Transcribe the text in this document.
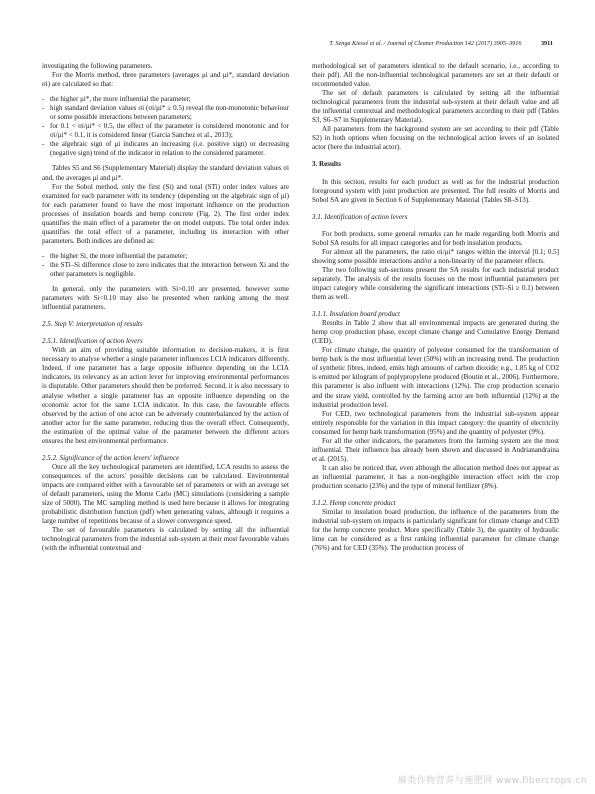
T. Senga Kiessé et al. / Journal of Cleaner Production 142 (2017) 3905–3916	3911

investigating the following parameters.

For the Morris method, three parameters (averages μi and μi*, standard deviation σi) are calculated so that:

- the higher μi*, the more influential the parameter;
- high standard deviation values σi (σi/μi* ≥ 0.5) reveal the non-monotonic behaviour or some possible interactions between parameters;
- for 0.1 < σi/μi* < 0.5, the effect of the parameter is considered monotonic and for σi/μi* < 0.1, it is considered linear (Garcia Sanchez et al., 2013);
- the algebraic sign of μi indicates an increasing (i.e. positive sign) or decreasing (negative sign) trend of the indicator in relation to the considered parameter.

Tables S5 and S6 (Supplementary Material) display the standard deviation values σi and, the averages μi and μi*.

For the Sobol method, only the first (Si) and total (STi) order index values are examined for each parameter with its tendency (depending on the algebraic sign of μi) for each parameter found to have the most important influence on the production processes of insulation boards and hemp concrete (Fig. 2). The first order index quantifies the main effect of a parameter the on model outputs. The total order index quantifies the total effect of a parameter, including its interaction with other parameters. Both indices are defined as:

- the higher Si, the more influential the parameter;
- the STi–Si difference close to zero indicates that the interaction between Xi and the other parameters is negligible.

In general, only the parameters with Si>0.10 are presented, however some parameters with Si<0.10 may also be presented when ranking among the most influential parameters.

2.5. Step V: interpretation of results

2.5.1. Identification of action levers

With an aim of providing suitable information to decision-makers, it is first necessary to analyse whether a single parameter influences LCIA indicators differently. Indeed, if one parameter has a large opposite influence depending on the LCIA indicators, its relevancy as an action lever for improving environmental performances is disputable. Other parameters should then be preferred. Second, it is also necessary to analyse whether a single parameter has an opposite influence depending on the economic actor for the same LCIA indicator. In this case, the favourable effects observed by the action of one actor can be adversely counterbalanced by the action of another actor for the same parameter, reducing thus the overall effect. Consequently, the estimation of the optimal value of the parameter between the different actors ensures the best environmental performance.

2.5.2. Significance of the action levers' influence

Once all the key technological parameters are identified, LCA results to assess the consequences of the actors' possible decisions can be calculated. Environmental impacts are compared either with a favourable set of parameters or with an average set of default parameters, using the Monte Carlo (MC) simulations (considering a sample size of 5000). The MC sampling method is used here because it allows for integrating probabilistic distribution function (pdf) when generating values, although it requires a large number of repetitions because of a slower convergence speed.

The set of favourable parameters is calculated by setting all the influential technological parameters from the industrial sub-system at their most favourable values (with the influential contextual and

methodological set of parameters identical to the default scenario, i.e., according to their pdf). All the non-influential technological parameters are set at their default or recommended value.

The set of default parameters is calculated by setting all the influential technological parameters from the industrial sub-system at their default value and all the influential contextual and methodological parameters according to their pdf (Tables S3, S6–S7 in Supplementary Material).

All parameters from the background system are set according to their pdf (Table S2) in both options when focusing on the technological action levers of an isolated actor (here the industrial actor).

3. Results

In this section, results for each product as well as for the industrial production foreground system with joint production are presented. The full results of Morris and Sobol SA are given in Section 6 of Supplementary Material (Tables S8–S13).

3.1. Identification of action levers

For both products, some general remarks can be made regarding both Morris and Sobol SA results for all impact categories and for both insulation products.

For almost all the parameters, the ratio σi/μi* ranges within the interval [0.1; 0.5] showing some possible interactions and/or a non-linearity of the parameter effects.

The two following sub-sections present the SA results for each industrial product separately. The analysis of the results focuses on the most influential parameters per impact category while considering the significant interactions (STi–Si ≥ 0.1) between them as well.

3.1.1. Insulation board product

Results in Table 2 show that all environmental impacts are generated during the hemp crop production phase, except climate change and Cumulative Energy Demand (CED).

For climate change, the quantity of polyester consumed for the transformation of hemp bark is the most influential lever (50%) with an increasing trend. The production of synthetic fibres, indeed, emits high amounts of carbon dioxide; e.g., 1.85 kg of CO2 is emitted per kilogram of poplypropylene produced (Boutin et al., 2006). Furthermore, this parameter is also influent with interactions (12%). The crop production scenario and the straw yield, controlled by the farming actor are both influential (12%) at the industrial production level.

For CED, two technological parameters from the industrial sub-system appear entirely responsible for the variation in this impact category: the quantity of electricity consumed for hemp bark transformation (95%) and the quantity of polyester (9%).

For all the other indicators, the parameters from the farming system are the most influential. Their influence has already been shown and discussed in Andrianandraina et al. (2015).

It can also be noticed that, even although the allocation method does not appear as an influential parameter, it has a non-negligible interaction effect with the crop production scenario (23%) and the type of mineral fertilizer (8%).

3.1.2. Hemp concrete product

Similar to insulation board production, the influence of the parameters from the industrial sub-system on impacts is particularly significant for climate change and CED for the hemp concrete product. More specifically (Table 3), the quantity of hydraulic lime can be considered as a first ranking influential parameter for climate change (76%) and for CED (35%). The production process of

麻类作物营养与施肥网 www.fibercrops.cn
